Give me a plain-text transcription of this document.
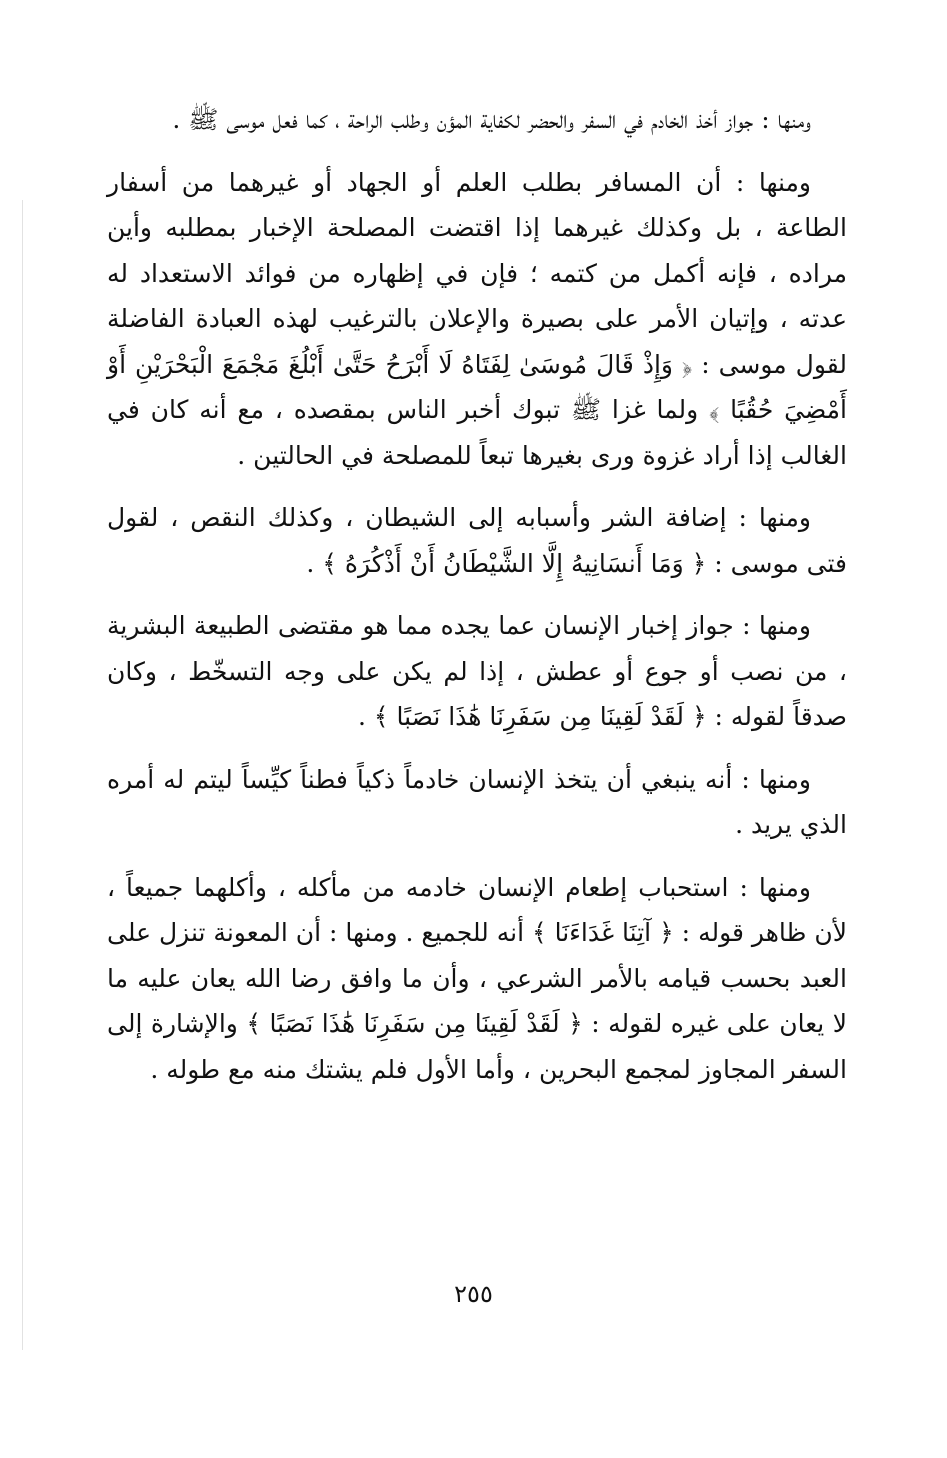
ومنها : جواز أخذ الخادم في السفر والحضر لكفاية المؤن وطلب الراحة ، كما فعل موسى ﷺ .

ومنها : أن المسافر بطلب العلم أو الجهاد أو غيرهما من أسفار الطاعة ، بل وكذلك غيرهما إذا اقتضت المصلحة الإخبار بمطلبه وأين مراده ، فإنه أكمل من كتمه ؛ فإن في إظهاره من فوائد الاستعداد له عدته ، وإتيان الأمر على بصيرة والإعلان بالترغيب لهذه العبادة الفاضلة لقول موسى : ﴿ وَإِذْ قَالَ مُوسَىٰ لِفَتَاهُ لَا أَبْرَحُ حَتَّىٰ أَبْلُغَ مَجْمَعَ الْبَحْرَيْنِ أَوْ أَمْضِيَ حُقُبًا ﴾ ولما غزا ﷺ تبوك أخبر الناس بمقصده ، مع أنه كان في الغالب إذا أراد غزوة ورى بغيرها تبعاً للمصلحة في الحالتين .

ومنها : إضافة الشر وأسبابه إلى الشيطان ، وكذلك النقص ، لقول فتى موسى : ﴿ وَمَا أَنسَانِيهُ إِلَّا الشَّيْطَانُ أَنْ أَذْكُرَهُ ﴾ .

ومنها : جواز إخبار الإنسان عما يجده مما هو مقتضى الطبيعة البشرية ، من نصب أو جوع أو عطش ، إذا لم يكن على وجه التسخّط ، وكان صدقاً لقوله : ﴿ لَقَدْ لَقِينَا مِن سَفَرِنَا هَٰذَا نَصَبًا ﴾ .

ومنها : أنه ينبغي أن يتخذ الإنسان خادماً ذكياً فطناً كيِّساً ليتم له أمره الذي يريد .

ومنها : استحباب إطعام الإنسان خادمه من مأكله ، وأكلهما جميعاً ، لأن ظاهر قوله : ﴿ آتِنَا غَدَاءَنَا ﴾ أنه للجميع . ومنها : أن المعونة تنزل على العبد بحسب قيامه بالأمر الشرعي ، وأن ما وافق رضا الله يعان عليه ما لا يعان على غيره لقوله : ﴿ لَقَدْ لَقِينَا مِن سَفَرِنَا هَٰذَا نَصَبًا ﴾ والإشارة إلى السفر المجاوز لمجمع البحرين ، وأما الأول فلم يشتك منه مع طوله .

٢٥٥
